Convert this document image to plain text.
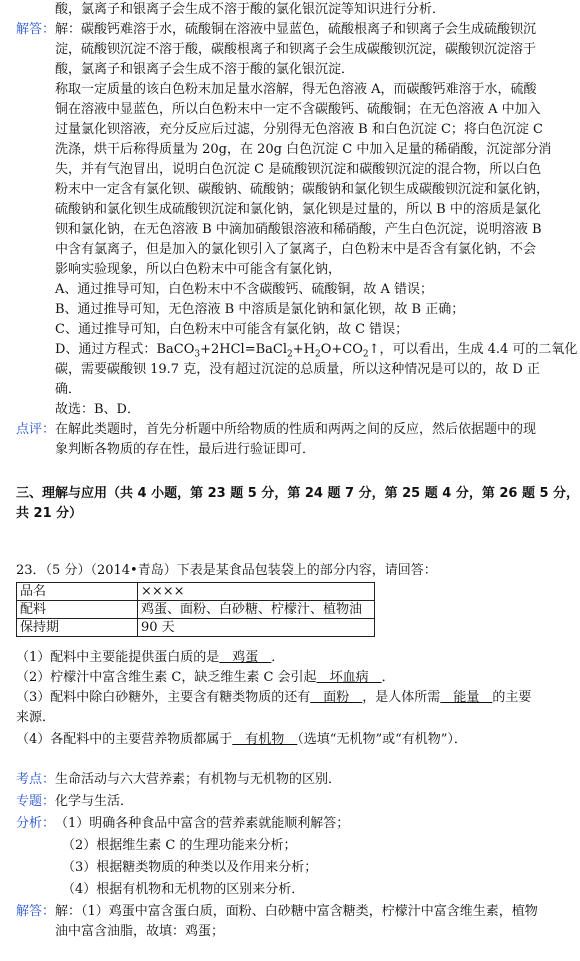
酸，氯离子和银离子会生成不溶于酸的氯化银沉淀等知识进行分析．
解答： 解：碳酸钙难溶于水，硫酸铜在溶液中显蓝色，硫酸根离子和钡离子会生成硫酸钡沉
淀，硫酸钡沉淀不溶于酸，碳酸根离子和钡离子会生成碳酸钡沉淀，碳酸钡沉淀溶于
酸，氯离子和银离子会生成不溶于酸的氯化银沉淀．
称取一定质量的该白色粉末加足量水溶解，得无色溶液 A，而碳酸钙难溶于水，硫酸
铜在溶液中显蓝色，所以白色粉末中一定不含碳酸钙、硫酸铜；在无色溶液 A 中加入
过量氯化钡溶液，充分反应后过滤，分别得无色溶液 B 和白色沉淀 C；将白色沉淀 C
洗涤，烘干后称得质量为 20g，在 20g 白色沉淀 C 中加入足量的稀硝酸，沉淀部分消
失，并有气泡冒出，说明白色沉淀 C 是硫酸钡沉淀和碳酸钡沉淀的混合物，所以白色
粉末中一定含有氯化钡、碳酸钠、硫酸钠；碳酸钠和氯化钡生成碳酸钡沉淀和氯化钠，
硫酸钠和氯化钡生成硫酸钡沉淀和氯化钠，氯化钡是过量的，所以 B 中的溶质是氯化
钡和氯化钠，在无色溶液 B 中滴加硝酸银溶液和稀硝酸，产生白色沉淀，说明溶液 B
中含有氯离子，但是加入的氯化钡引入了氯离子，白色粉末中是否含有氯化钠，不会
影响实验现象，所以白色粉末中可能含有氯化钠，
A、通过推导可知，白色粉末中不含碳酸钙、硫酸铜，故 A 错误；
B、通过推导可知，无色溶液 B 中溶质是氯化钠和氯化钡，故 B 正确；
C、通过推导可知，白色粉末中可能含有氯化钠，故 C 错误；
D、通过方程式：$BaCO_3+2HCl=BaCl_2+H_2O+CO_2↑$，可以看出，生成 4.4 可的二氧化
碳，需要碳酸钡 19.7 克，没有超过沉淀的总质量，所以这种情况是可以的，故 D 正
确．
故选：B、D．
点评： 在解此类题时，首先分析题中所给物质的性质和两两之间的反应，然后依据题中的现
象判断各物质的存在性，最后进行验证即可．
三、理解与应用（共 4 小题，第 23 题 5 分，第 24 题 7 分，第 25 题 4 分，第 26 题 5 分，
共 21 分）
23．（5 分）（2014•青岛）下表是某食品包装袋上的部分内容，请回答：
品名	××××
配料	鸡蛋、面粉、白砂糖、柠檬汁、植物油
保持期	90 天
（1）配料中主要能提供蛋白质的是　鸡蛋　．
（2）柠檬汁中富含维生素 C，缺乏维生素 C 会引起　坏血病　．
（3）配料中除白砂糖外，主要含有糖类物质的还有　面粉　，是人体所需　能量　的主要
来源．
（4）各配料中的主要营养物质都属于　有机物　（选填“无机物”或“有机物”）．
考点： 生命活动与六大营养素；有机物与无机物的区别．
专题： 化学与生活．
分析： （1）明确各种食品中富含的营养素就能顺利解答；
（2）根据维生素 C 的生理功能来分析；
（3）根据糖类物质的种类以及作用来分析；
（4）根据有机物和无机物的区别来分析．
解答： 解：（1）鸡蛋中富含蛋白质，面粉、白砂糖中富含糖类，柠檬汁中富含维生素，植物
油中富含油脂，故填：鸡蛋；
